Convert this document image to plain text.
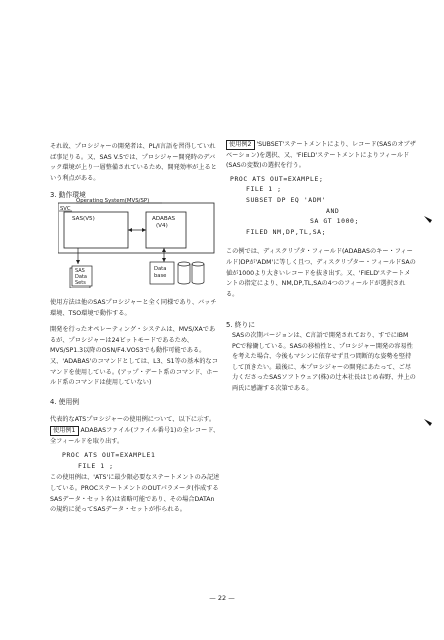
それ故、プロシジャーの開発者は、PL/I言語を習得していれば事足りる。又、SAS V.5では、プロシジャー開発時のデバック環境が上り一層整備されているため、開発効率が上るという利点がある。

3. 動作環境

Operating System(MVS/SP)
SVC
SAS(V5)	ADABAS
(V4)
SAS
Data
Sets
Data
base

使用方法は他のSASプロシジャーと全く同様であり、バッチ環境、TSO環境で動作する。

開発を行ったオペレーティング・システムは、MVS/XAであるが、プロシジャーは24ビットモードであるため、MVS/SP1.3以降のOSN/F4.VOS3でも動作可能である。又、'ADABAS'のコマンドとしては、L3、S1等の基本的なコマンドを使用している。(アップ・デート系のコマンド、ホールド系のコマンドは使用していない)

4. 使用例

代表的なATSプロシジャーの使用例について、以下に示す。

使用例1 ADABASファイル(ファイル番号1)の全レコード、全フィールドを取り出す。

PROC ATS OUT=EXAMPLE1

FILE 1 ;

この使用例は、'ATS'に最少限必要なステートメントのみ記述している。PROCステートメントのOUTパラメータ(作成するSASデータ・セット名)は省略可能であり、その場合DATAnの規約に従ってSASデータ・セットが作られる。

使用例2 'SUBSET'ステートメントにより、レコード(SASのオブザベーション)を選択、又、'FIELD'ステートメントによりフィールド(SASの変数)の選択を行う。

PROC ATS OUT=EXAMPLE;

FILE 1 ;

SUBSET DP EQ 'ADM'

AND

SA GT 1000;

FILED NM,DP,TL,SA;

この例では、ディスクリプタ・フィールド(ADABASのキー・フィールド)DPが'ADM'に等しく且つ、ディスクリプター・フィールドSAの値が1000より大きいレコードを抜き出す。又、'FIELD'ステートメントの指定により、NM,DP,TL,SAの4つのフィールドが選択される。

5. 終りに

SASの次期バージョンは、C言語で開発されており、すでにIBM PCで稼働している。SASの移植性と、プロシジャー開発の容易性を考えた場合、今後もマシンに依存せず且つ間断的な姿勢を堅持して頂きたい。最後に、本プロシジャーの開発にあたって、ご尽力くださったSASソフトウェア(株)の辻本社長はじめ春野、井上の両氏に感謝する次第である。

— 22 —
